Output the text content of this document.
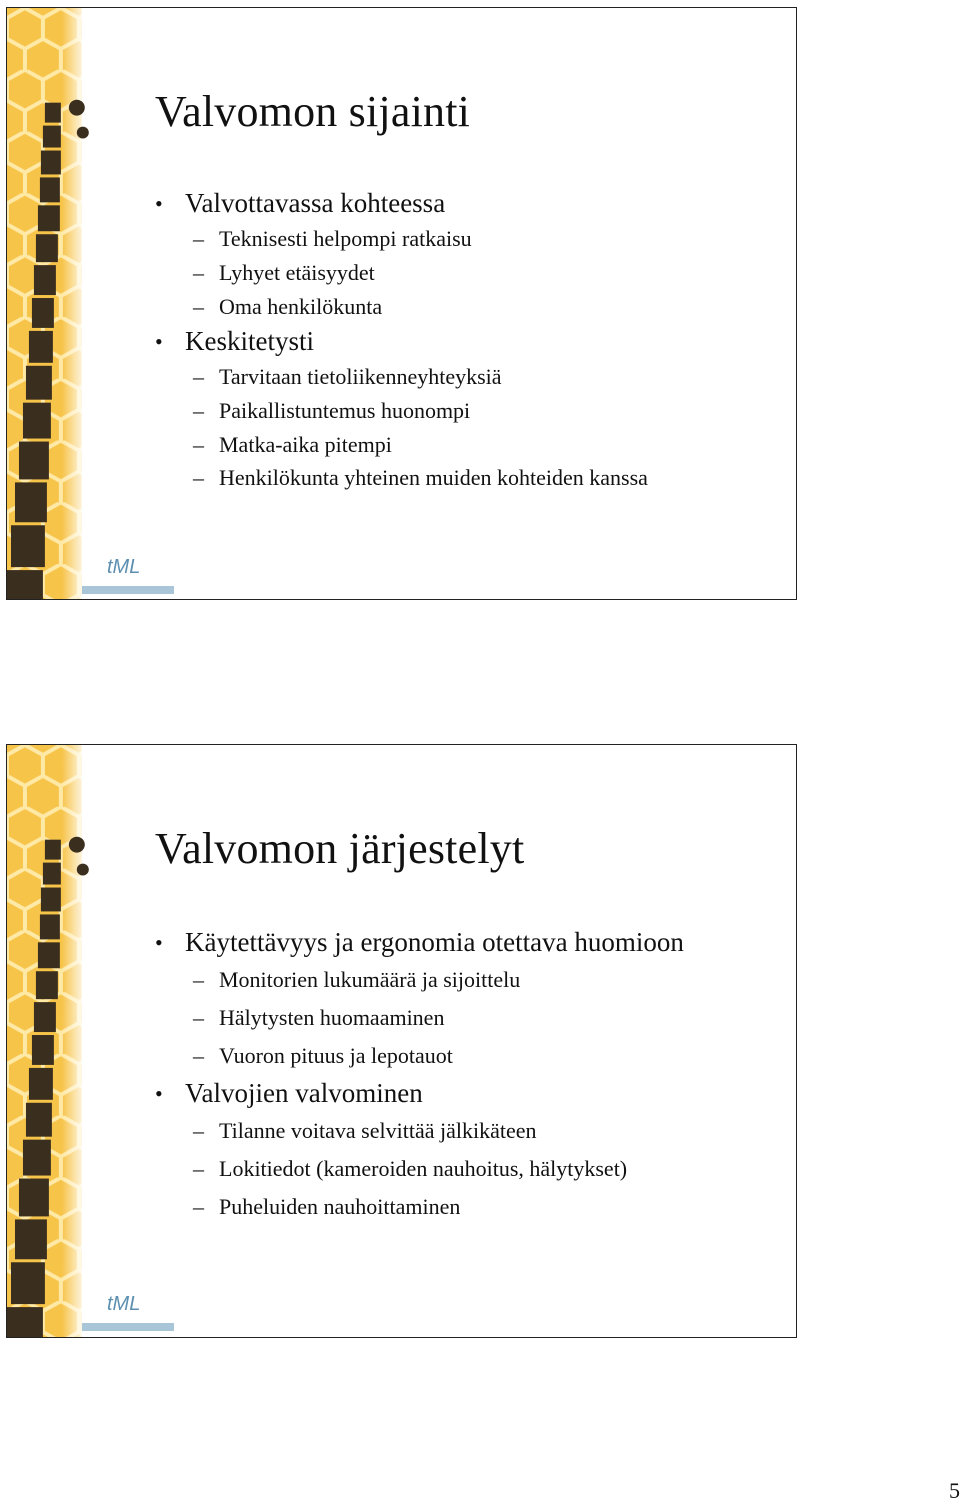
Valvomon sijainti

• Valvottavassa kohteessa

– Teknisesti helpompi ratkaisu

– Lyhyet etäisyydet

– Oma henkilökunta

• Keskitetysti

– Tarvitaan tietoliikenneyhteyksiä

– Paikallistuntemus huonompi

– Matka-aika pitempi

– Henkilökunta yhteinen muiden kohteiden kanssa

tML
Valvomon järjestelyt

• Käytettävyys ja ergonomia otettava huomioon

– Monitorien lukumäärä ja sijoittelu

– Hälytysten huomaaminen

– Vuoron pituus ja lepotauot

• Valvojien valvominen

– Tilanne voitava selvittää jälkikäteen

– Lokitiedot (kameroiden nauhoitus, hälytykset)

– Puheluiden nauhoittaminen

tML
5
